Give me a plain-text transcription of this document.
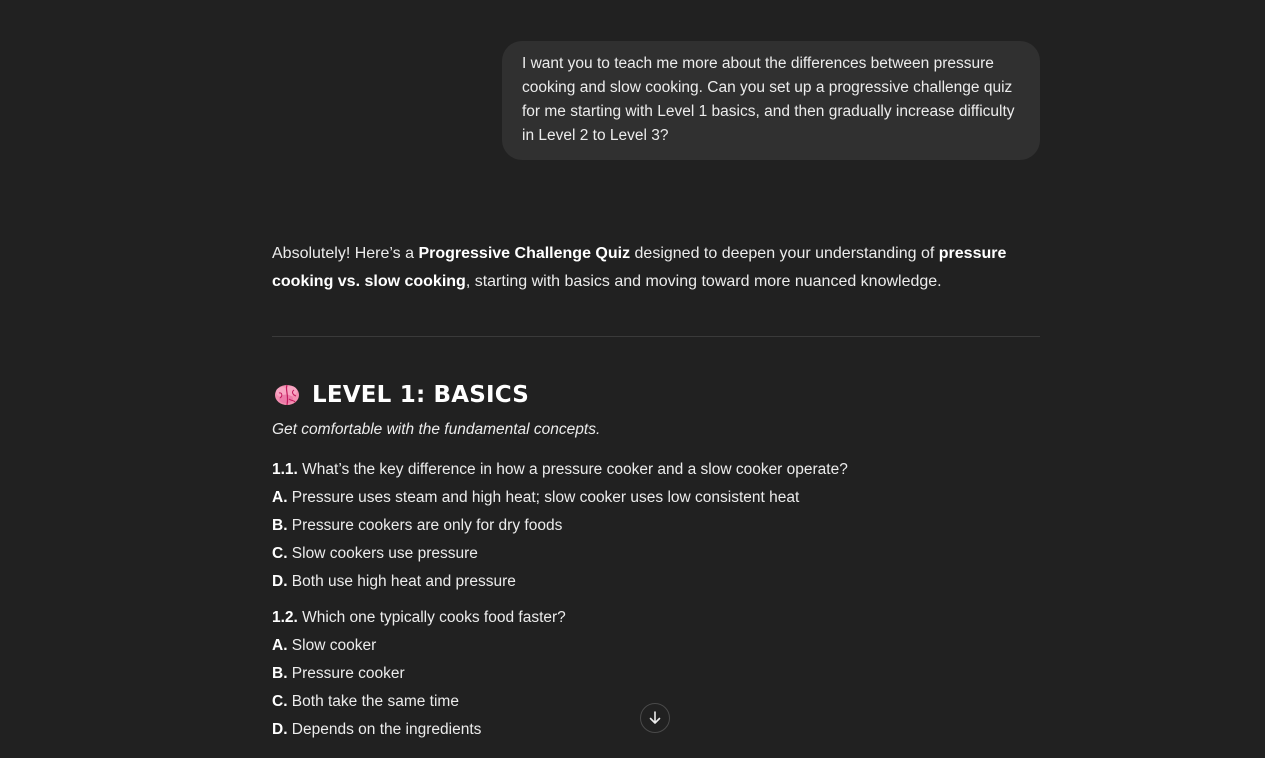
I want you to teach me more about the differences between pressure cooking and slow cooking. Can you set up a progressive challenge quiz for me starting with Level 1 basics, and then gradually increase difficulty in Level 2 to Level 3?

Absolutely! Here’s a Progressive Challenge Quiz designed to deepen your understanding of pressure cooking vs. slow cooking, starting with basics and moving toward more nuanced knowledge.

LEVEL 1: BASICS
Get comfortable with the fundamental concepts.
1.1. What’s the key difference in how a pressure cooker and a slow cooker operate?
A. Pressure uses steam and high heat; slow cooker uses low consistent heat
B. Pressure cookers are only for dry foods
C. Slow cookers use pressure
D. Both use high heat and pressure
1.2. Which one typically cooks food faster?
A. Slow cooker
B. Pressure cooker
C. Both take the same time
D. Depends on the ingredients
